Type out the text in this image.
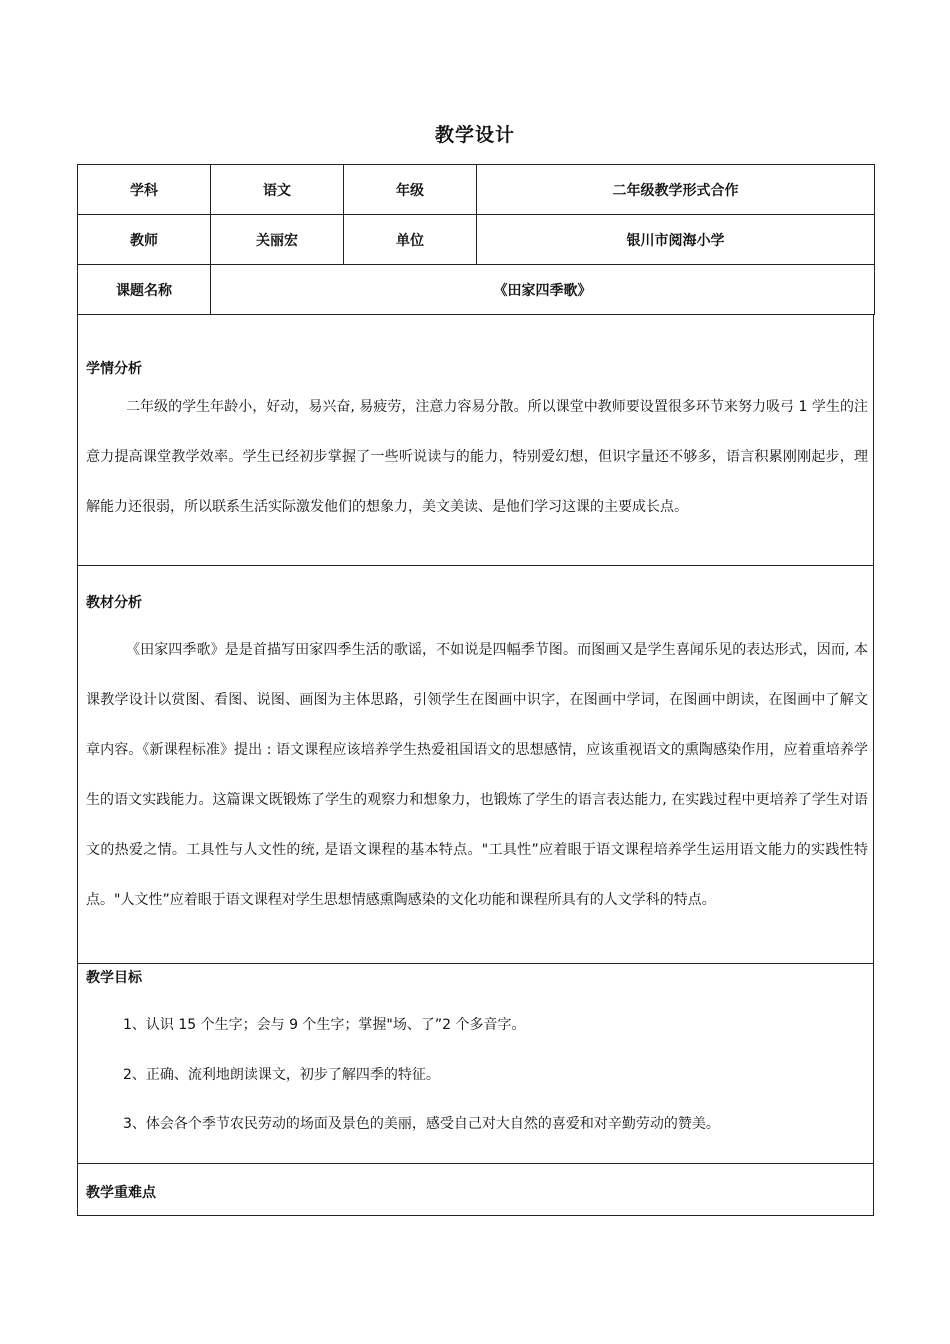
教学设计
学科	语文	年级	二年级教学形式合作
教师	关丽宏	单位	银川市阅海小学
课题名称	《田家四季歌》		

学情分析

二年级的学生年龄小，好动，易兴奋, 易疲劳，注意力容易分散。所以课堂中教师要设置很多环节来努力吸弓 1 学生的注意力提高课堂教学效率。学生已经初步掌握了一些听说读与的能力，特别爱幻想，但识字量还不够多，语言积累刚刚起步，理解能力还很弱，所以联系生活实际激发他们的想象力，美文美读、是他们学习这课的主要成长点。

教材分析

《田家四季歌》是是首描写田家四季生活的歌谣，不如说是四幅季节图。而图画又是学生喜闻乐见的表达形式，因而, 本课教学设计以赏图、看图、说图、画图为主体思路，引领学生在图画中识字，在图画中学词，在图画中朗读，在图画中了解文章内容。《新课程标准》提出 : 语文课程应该培养学生热爱祖国语文的思想感情，应该重视语文的熏陶感染作用，应着重培养学生的语文实践能力。这篇课文既锻炼了学生的观察力和想象力，也锻炼了学生的语言表达能力, 在实践过程中更培养了学生对语文的热爱之情。工具性与人文性的统, 是语文课程的基本特点。"工具性”应着眼于语文课程培养学生运用语文能力的实践性特点。"人文性”应着眼于语文课程对学生思想情感熏陶感染的文化功能和课程所具有的人文学科的特点。

教学目标

1、认识 15 个生字；会与 9 个生字；掌握"场、了”2 个多音字。

2、正确、流利地朗读课文，初步了解四季的特征。

3、体会各个季节农民劳动的场面及景色的美丽，感受自己对大自然的喜爱和对辛勤劳动的赞美。

教学重难点
